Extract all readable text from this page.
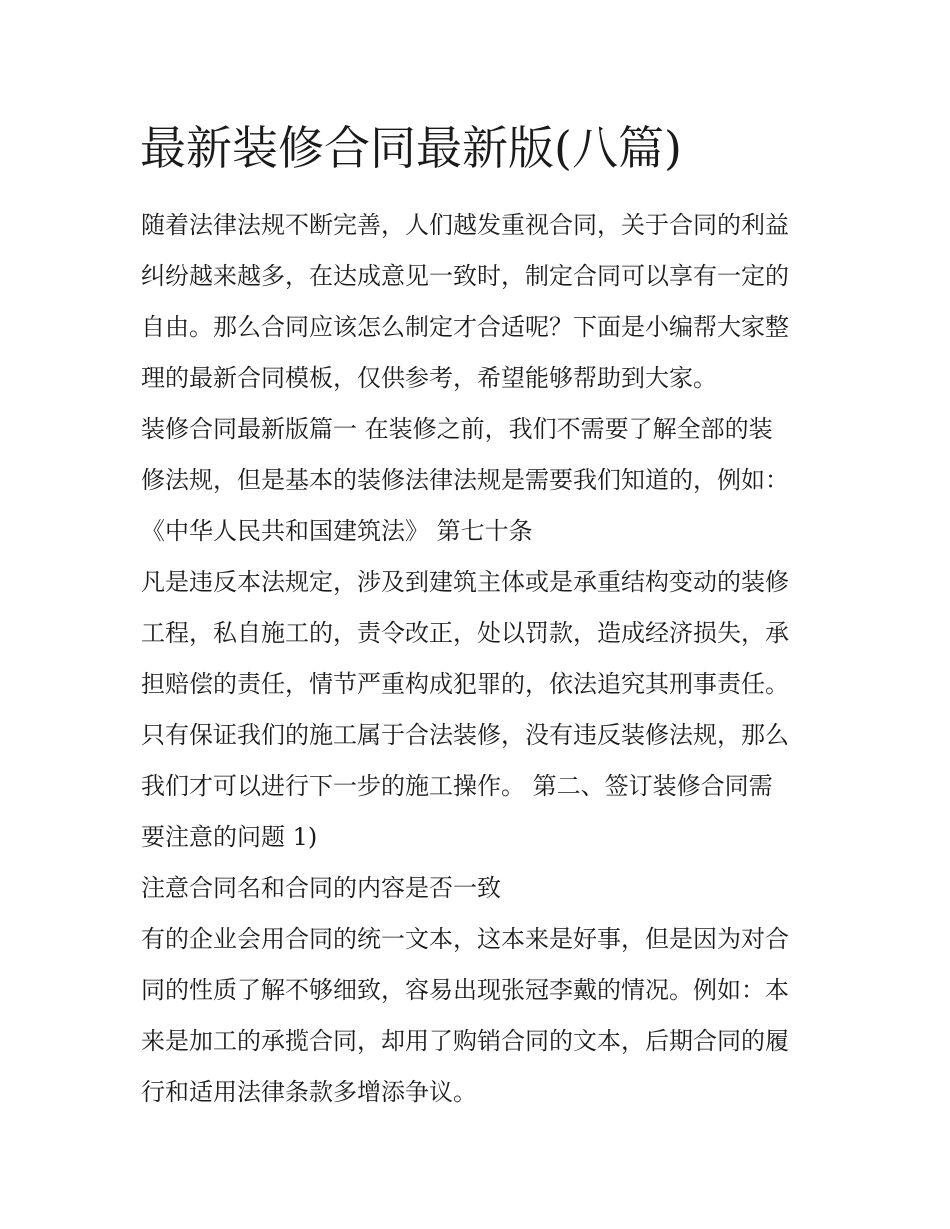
最新装修合同最新版(八篇)
随着法律法规不断完善，人们越发重视合同，关于合同的利益
纠纷越来越多，在达成意见一致时，制定合同可以享有一定的
自由。那么合同应该怎么制定才合适呢？下面是小编帮大家整
理的最新合同模板，仅供参考，希望能够帮助到大家。
装修合同最新版篇一 在装修之前，我们不需要了解全部的装
修法规，但是基本的装修法律法规是需要我们知道的，例如：
《中华人民共和国建筑法》 第七十条
凡是违反本法规定，涉及到建筑主体或是承重结构变动的装修
工程，私自施工的，责令改正，处以罚款，造成经济损失，承
担赔偿的责任，情节严重构成犯罪的，依法追究其刑事责任。
只有保证我们的施工属于合法装修，没有违反装修法规，那么
我们才可以进行下一步的施工操作。 第二、签订装修合同需
要注意的问题 1)
注意合同名和合同的内容是否一致
有的企业会用合同的统一文本，这本来是好事，但是因为对合
同的性质了解不够细致，容易出现张冠李戴的情况。例如：本
来是加工的承揽合同，却用了购销合同的文本，后期合同的履
行和适用法律条款多增添争议。
